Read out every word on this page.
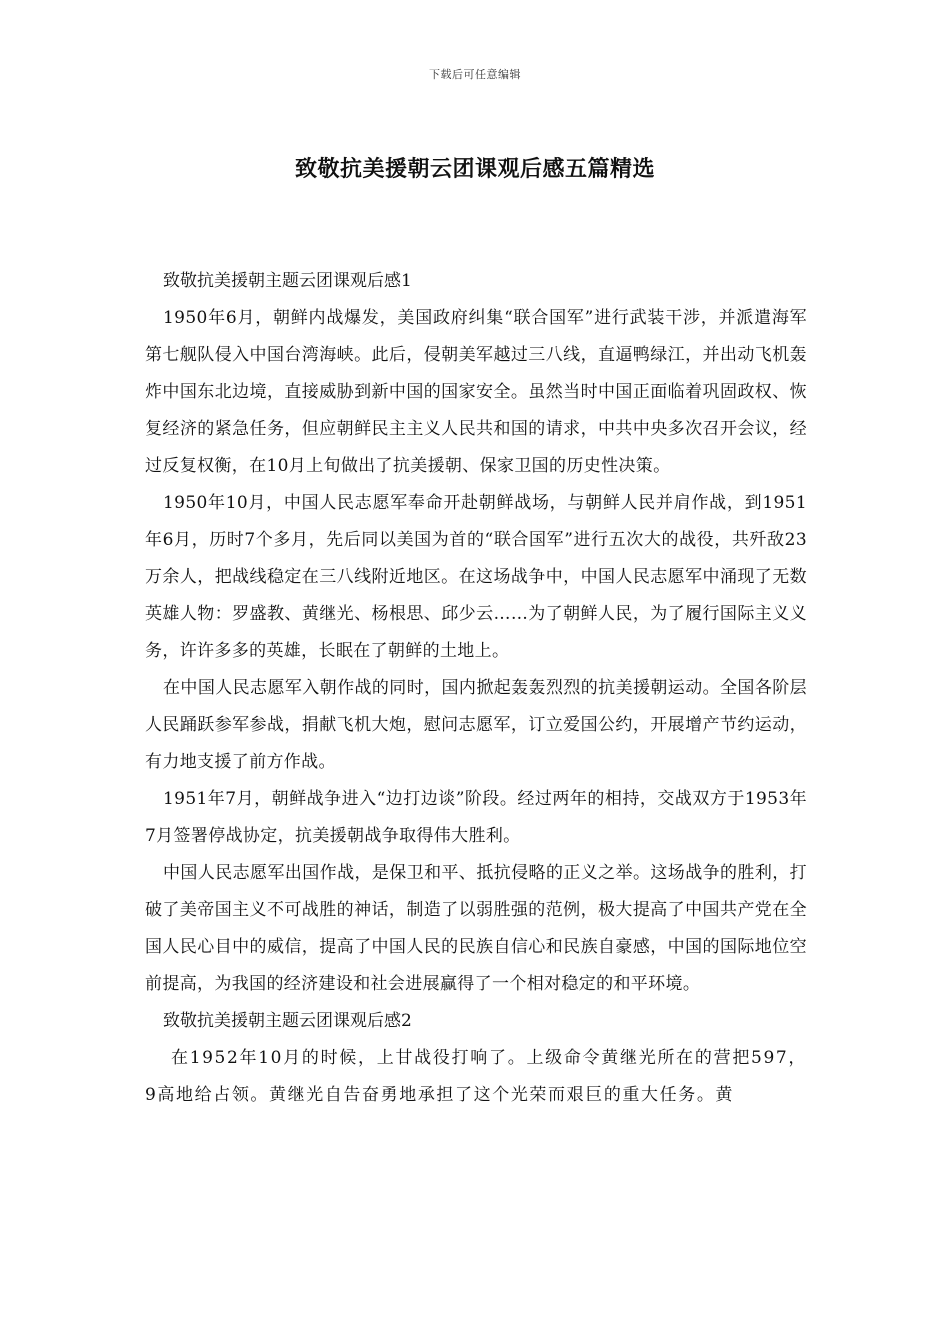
下载后可任意编辑
致敬抗美援朝云团课观后感五篇精选

致敬抗美援朝主题云团课观后感1

1950年6月，朝鲜内战爆发，美国政府纠集“联合国军”进行武装干涉，并派遣海军第七舰队侵入中国台湾海峡。此后，侵朝美军越过三八线，直逼鸭绿江，并出动飞机轰炸中国东北边境，直接威胁到新中国的国家安全。虽然当时中国正面临着巩固政权、恢复经济的紧急任务，但应朝鲜民主主义人民共和国的请求，中共中央多次召开会议，经过反复权衡，在10月上旬做出了抗美援朝、保家卫国的历史性决策。

1950年10月，中国人民志愿军奉命开赴朝鲜战场，与朝鲜人民并肩作战，到1951年6月，历时7个多月，先后同以美国为首的“联合国军”进行五次大的战役，共歼敌23万余人，把战线稳定在三八线附近地区。在这场战争中，中国人民志愿军中涌现了无数英雄人物：罗盛教、黄继光、杨根思、邱少云……为了朝鲜人民，为了履行国际主义义务，许许多多的英雄，长眠在了朝鲜的土地上。

在中国人民志愿军入朝作战的同时，国内掀起轰轰烈烈的抗美援朝运动。全国各阶层人民踊跃参军参战，捐献飞机大炮，慰问志愿军，订立爱国公约，开展增产节约运动，有力地支援了前方作战。

1951年7月，朝鲜战争进入“边打边谈”阶段。经过两年的相持，交战双方于1953年7月签署停战协定，抗美援朝战争取得伟大胜利。

中国人民志愿军出国作战，是保卫和平、抵抗侵略的正义之举。这场战争的胜利，打破了美帝国主义不可战胜的神话，制造了以弱胜强的范例，极大提高了中国共产党在全国人民心目中的威信，提高了中国人民的民族自信心和民族自豪感，中国的国际地位空前提高，为我国的经济建设和社会进展赢得了一个相对稳定的和平环境。

致敬抗美援朝主题云团课观后感2

在1952年10月的时候，上甘战役打响了。上级命令黄继光所在的营把597，9高地给占领。黄继光自告奋勇地承担了这个光荣而艰巨的重大任务。黄
